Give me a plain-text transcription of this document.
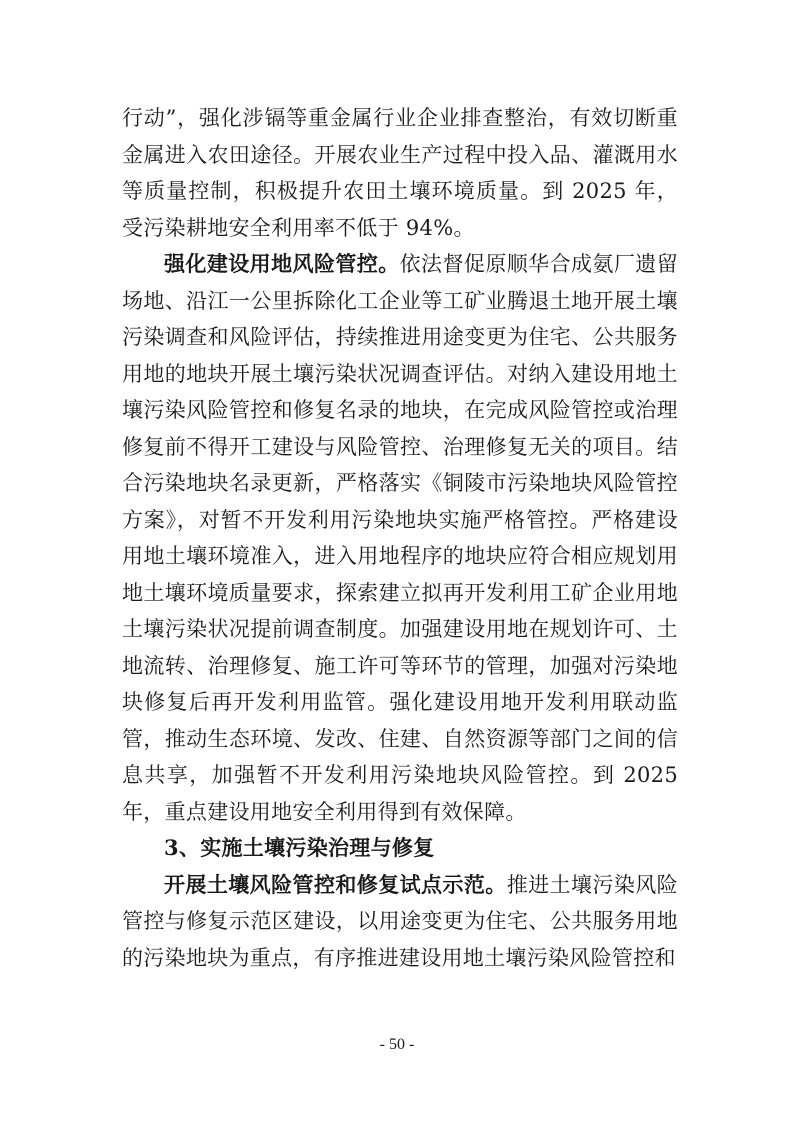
行动”，强化涉镉等重金属行业企业排查整治，有效切断重金属进入农田途径。开展农业生产过程中投入品、灌溉用水等质量控制，积极提升农田土壤环境质量。到 2025 年，受污染耕地安全利用率不低于 94%。

强化建设用地风险管控。依法督促原顺华合成氨厂遗留场地、沿江一公里拆除化工企业等工矿业腾退土地开展土壤污染调查和风险评估，持续推进用途变更为住宅、公共服务用地的地块开展土壤污染状况调查评估。对纳入建设用地土壤污染风险管控和修复名录的地块，在完成风险管控或治理修复前不得开工建设与风险管控、治理修复无关的项目。结合污染地块名录更新，严格落实《铜陵市污染地块风险管控方案》，对暂不开发利用污染地块实施严格管控。严格建设用地土壤环境准入，进入用地程序的地块应符合相应规划用地土壤环境质量要求，探索建立拟再开发利用工矿企业用地土壤污染状况提前调查制度。加强建设用地在规划许可、土地流转、治理修复、施工许可等环节的管理，加强对污染地块修复后再开发利用监管。强化建设用地开发利用联动监管，推动生态环境、发改、住建、自然资源等部门之间的信息共享，加强暂不开发利用污染地块风险管控。到 2025 年，重点建设用地安全利用得到有效保障。

3、实施土壤污染治理与修复

开展土壤风险管控和修复试点示范。推进土壤污染风险管控与修复示范区建设，以用途变更为住宅、公共服务用地的污染地块为重点，有序推进建设用地土壤污染风险管控和

- 50 -
